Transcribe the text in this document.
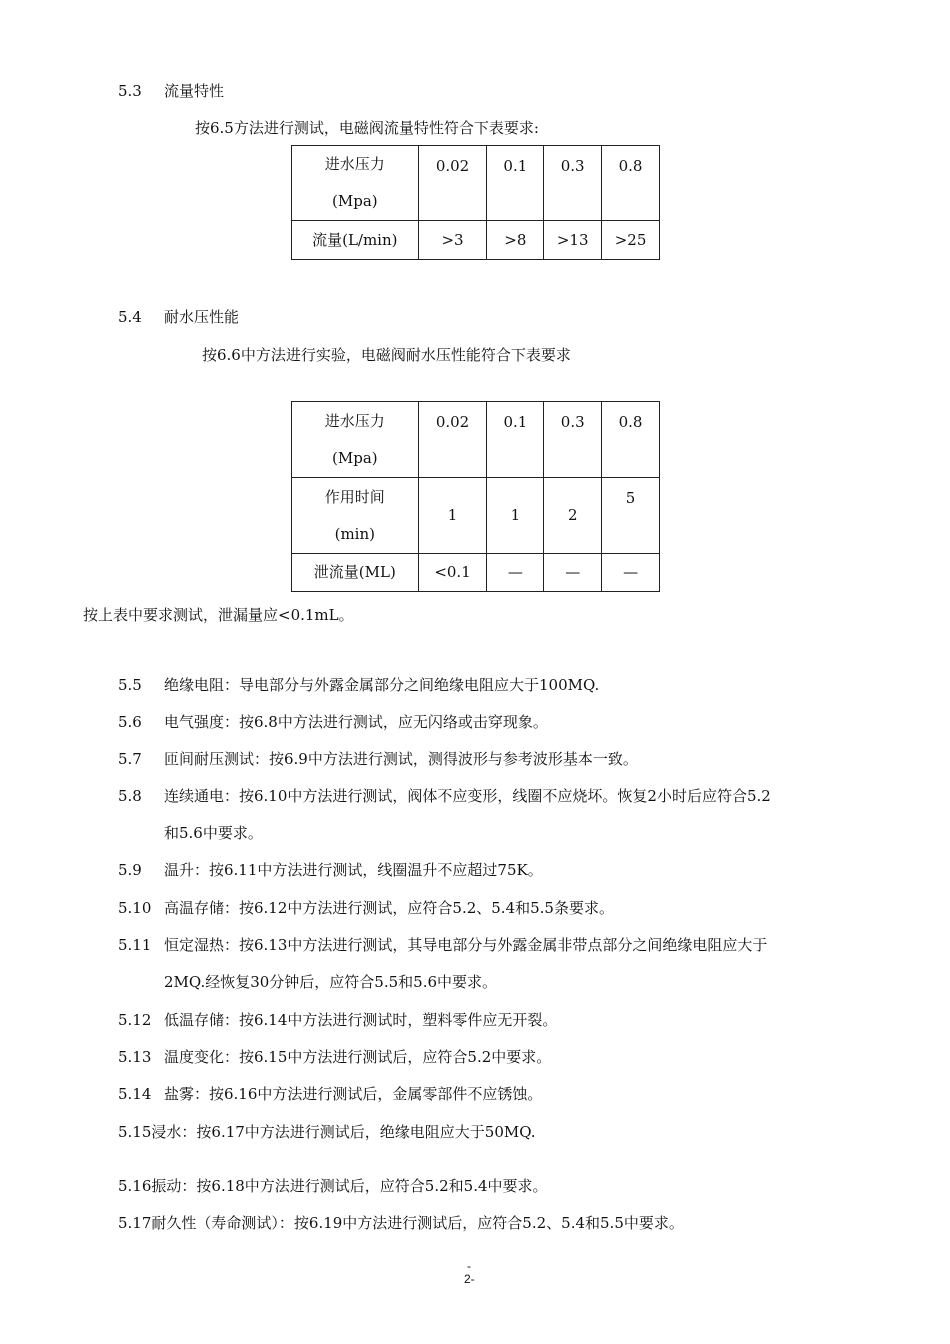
5.3 流量特性
按6.5方法进行测试，电磁阀流量特性符合下表要求:
进水压力
(Mpa)	0.02	0.1	0.3	0.8
流量(L/min)	>3	>8	>13	>25
5.4 耐水压性能
按6.6中方法进行实验，电磁阀耐水压性能符合下表要求
进水压力
(Mpa)	0.02	0.1	0.3	0.8

作用时间
(min)	1	1	2	5
泄流量(ML)	<0.1	—	—	—
按上表中要求测试，泄漏量应<0.1mL。
5.5 绝缘电阻：导电部分与外露金属部分之间绝缘电阻应大于100MQ.
5.6 电气强度：按6.8中方法进行测试，应无闪络或击穿现象。
5.7 匝间耐压测试：按6.9中方法进行测试，测得波形与参考波形基本一致。
5.8 连续通电：按6.10中方法进行测试，阀体不应变形，线圈不应烧坏。恢复2小时后应符合5.2
和5.6中要求。
5.9 温升：按6.11中方法进行测试，线圈温升不应超过75K。
5.10 高温存储：按6.12中方法进行测试，应符合5.2、5.4和5.5条要求。
5.11 恒定湿热：按6.13中方法进行测试，其导电部分与外露金属非带点部分之间绝缘电阻应大于
2MQ.经恢复30分钟后，应符合5.5和5.6中要求。
5.12 低温存储：按6.14中方法进行测试时，塑料零件应无开裂。
5.13 温度变化：按6.15中方法进行测试后，应符合5.2中要求。
5.14 盐雾：按6.16中方法进行测试后，金属零部件不应锈蚀。
5.15浸水：按6.17中方法进行测试后，绝缘电阻应大于50MQ.
5.16振动：按6.18中方法进行测试后，应符合5.2和5.4中要求。
5.17耐久性（寿命测试）：按6.19中方法进行测试后，应符合5.2、5.4和5.5中要求。
-
2-
